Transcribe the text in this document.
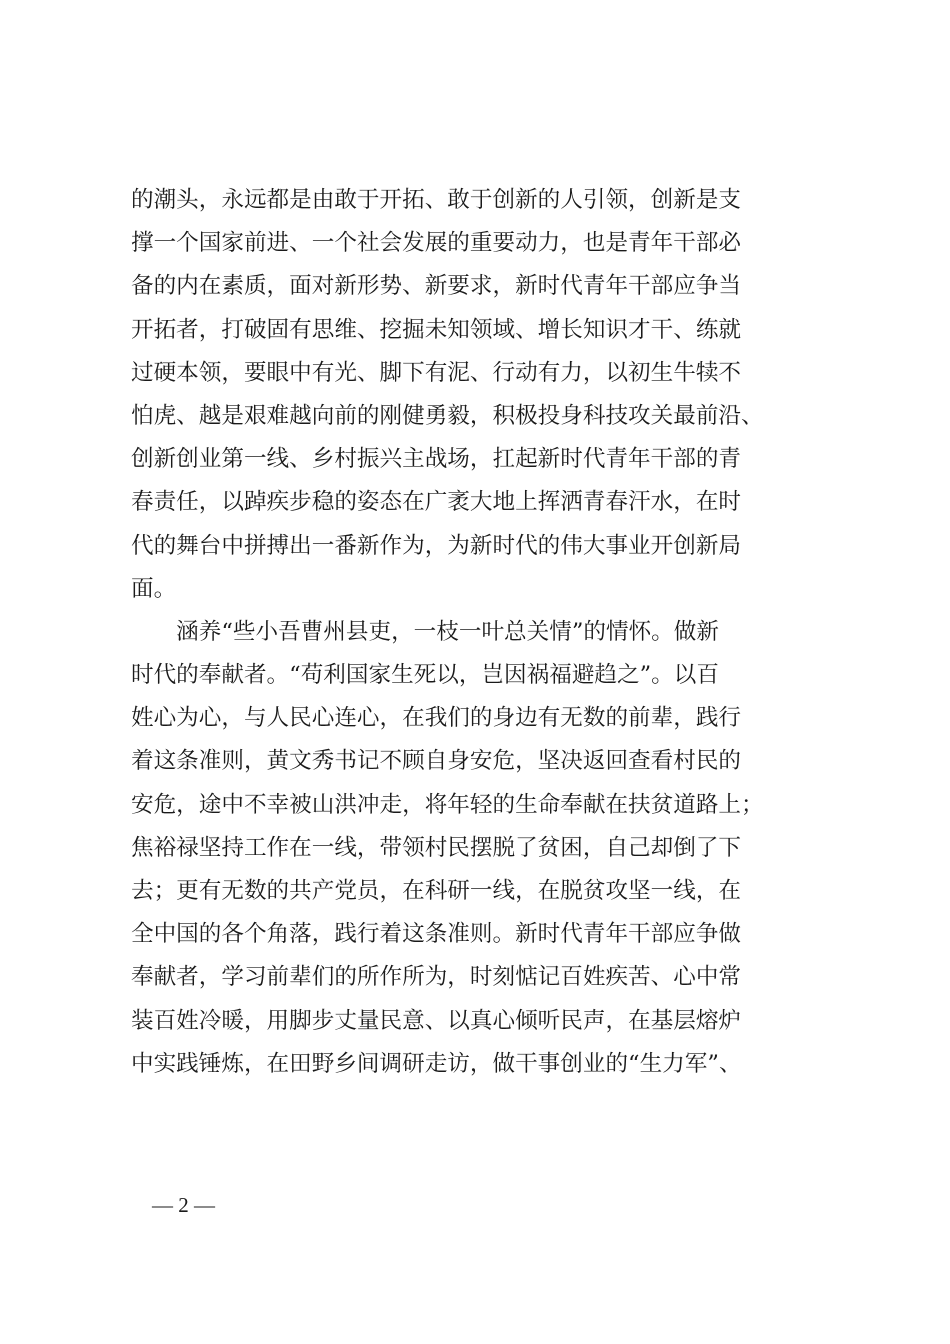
的潮头，永远都是由敢于开拓、敢于创新的人引领，创新是支
撑一个国家前进、一个社会发展的重要动力，也是青年干部必
备的内在素质，面对新形势、新要求，新时代青年干部应争当
开拓者，打破固有思维、挖掘未知领域、增长知识才干、练就
过硬本领，要眼中有光、脚下有泥、行动有力，以初生牛犊不
怕虎、越是艰难越向前的刚健勇毅，积极投身科技攻关最前沿、
创新创业第一线、乡村振兴主战场，扛起新时代青年干部的青
春责任，以踔疾步稳的姿态在广袤大地上挥洒青春汗水，在时
代的舞台中拼搏出一番新作为，为新时代的伟大事业开创新局
面。
　　涵养“些小吾曹州县吏，一枝一叶总关情”的情怀。做新
时代的奉献者。“苟利国家生死以，岂因祸福避趋之”。以百
姓心为心，与人民心连心，在我们的身边有无数的前辈，践行
着这条准则，黄文秀书记不顾自身安危，坚决返回查看村民的
安危，途中不幸被山洪冲走，将年轻的生命奉献在扶贫道路上；
焦裕禄坚持工作在一线，带领村民摆脱了贫困，自己却倒了下
去；更有无数的共产党员，在科研一线，在脱贫攻坚一线，在
全中国的各个角落，践行着这条准则。新时代青年干部应争做
奉献者，学习前辈们的所作所为，时刻惦记百姓疾苦、心中常
装百姓冷暖，用脚步丈量民意、以真心倾听民声，在基层熔炉
中实践锤炼，在田野乡间调研走访，做干事创业的“生力军”、
— 2 —
